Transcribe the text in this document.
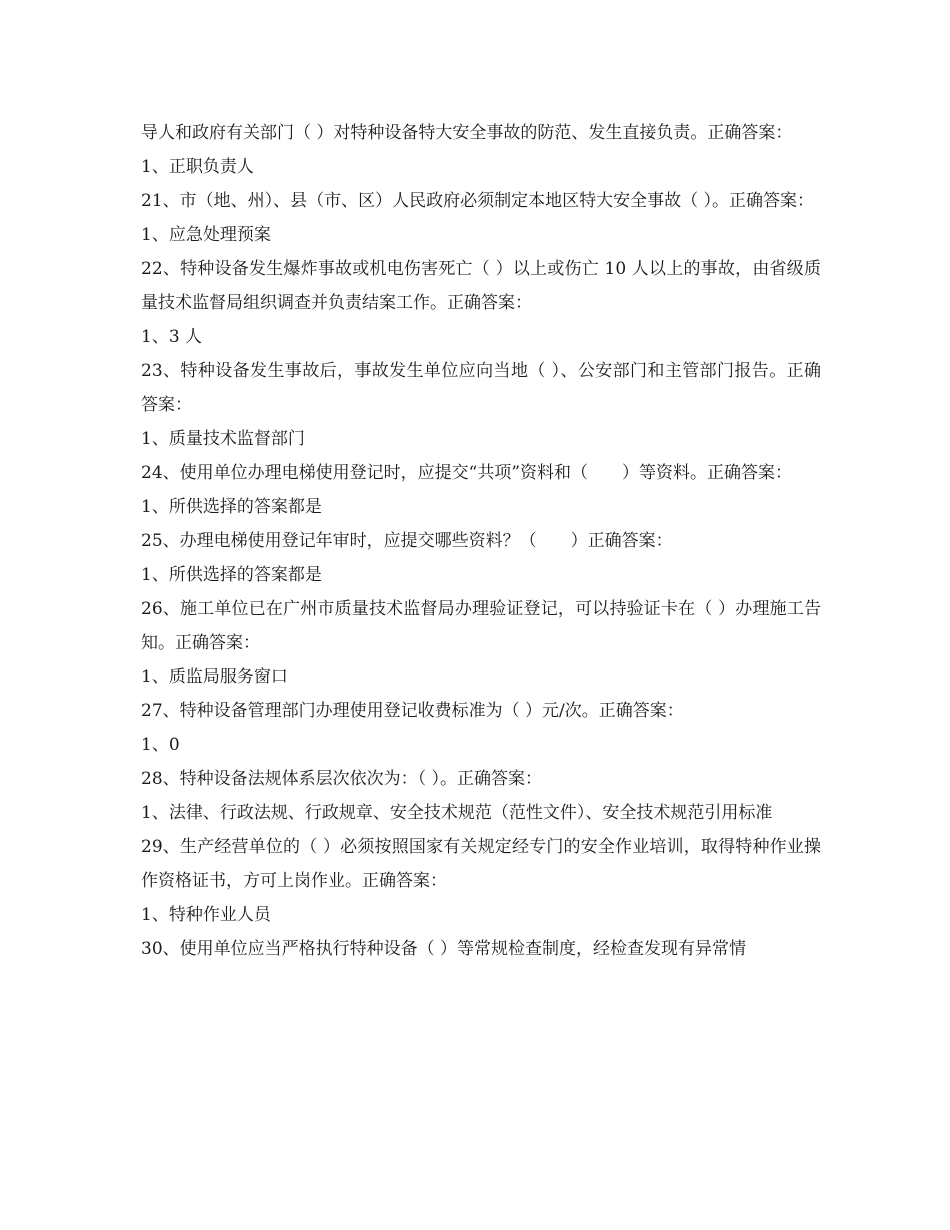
导人和政府有关部门（ ）对特种设备特大安全事故的防范、发生直接负责。正确答案：
1、正职负责人
21、市（地、州）、县（市、区）人民政府必须制定本地区特大安全事故（ ）。正确答案：
1、应急处理预案
22、特种设备发生爆炸事故或机电伤害死亡（ ）以上或伤亡 10 人以上的事故，由省级质量技术监督局组织调查并负责结案工作。正确答案：
1、3 人
23、特种设备发生事故后，事故发生单位应向当地（ ）、公安部门和主管部门报告。正确答案：
1、质量技术监督部门
24、使用单位办理电梯使用登记时，应提交“共项”资料和（　　）等资料。正确答案：
1、所供选择的答案都是
25、办理电梯使用登记年审时，应提交哪些资料？（　　）正确答案：
1、所供选择的答案都是
26、施工单位已在广州市质量技术监督局办理验证登记，可以持验证卡在（ ）办理施工告知。正确答案：
1、质监局服务窗口
27、特种设备管理部门办理使用登记收费标准为（ ）元/次。正确答案：
1、0
28、特种设备法规体系层次依次为：（ ）。正确答案：
1、法律、行政法规、行政规章、安全技术规范（范性文件）、安全技术规范引用标准
29、生产经营单位的（ ）必须按照国家有关规定经专门的安全作业培训，取得特种作业操作资格证书，方可上岗作业。正确答案：
1、特种作业人员
30、使用单位应当严格执行特种设备（ ）等常规检查制度，经检查发现有异常情
